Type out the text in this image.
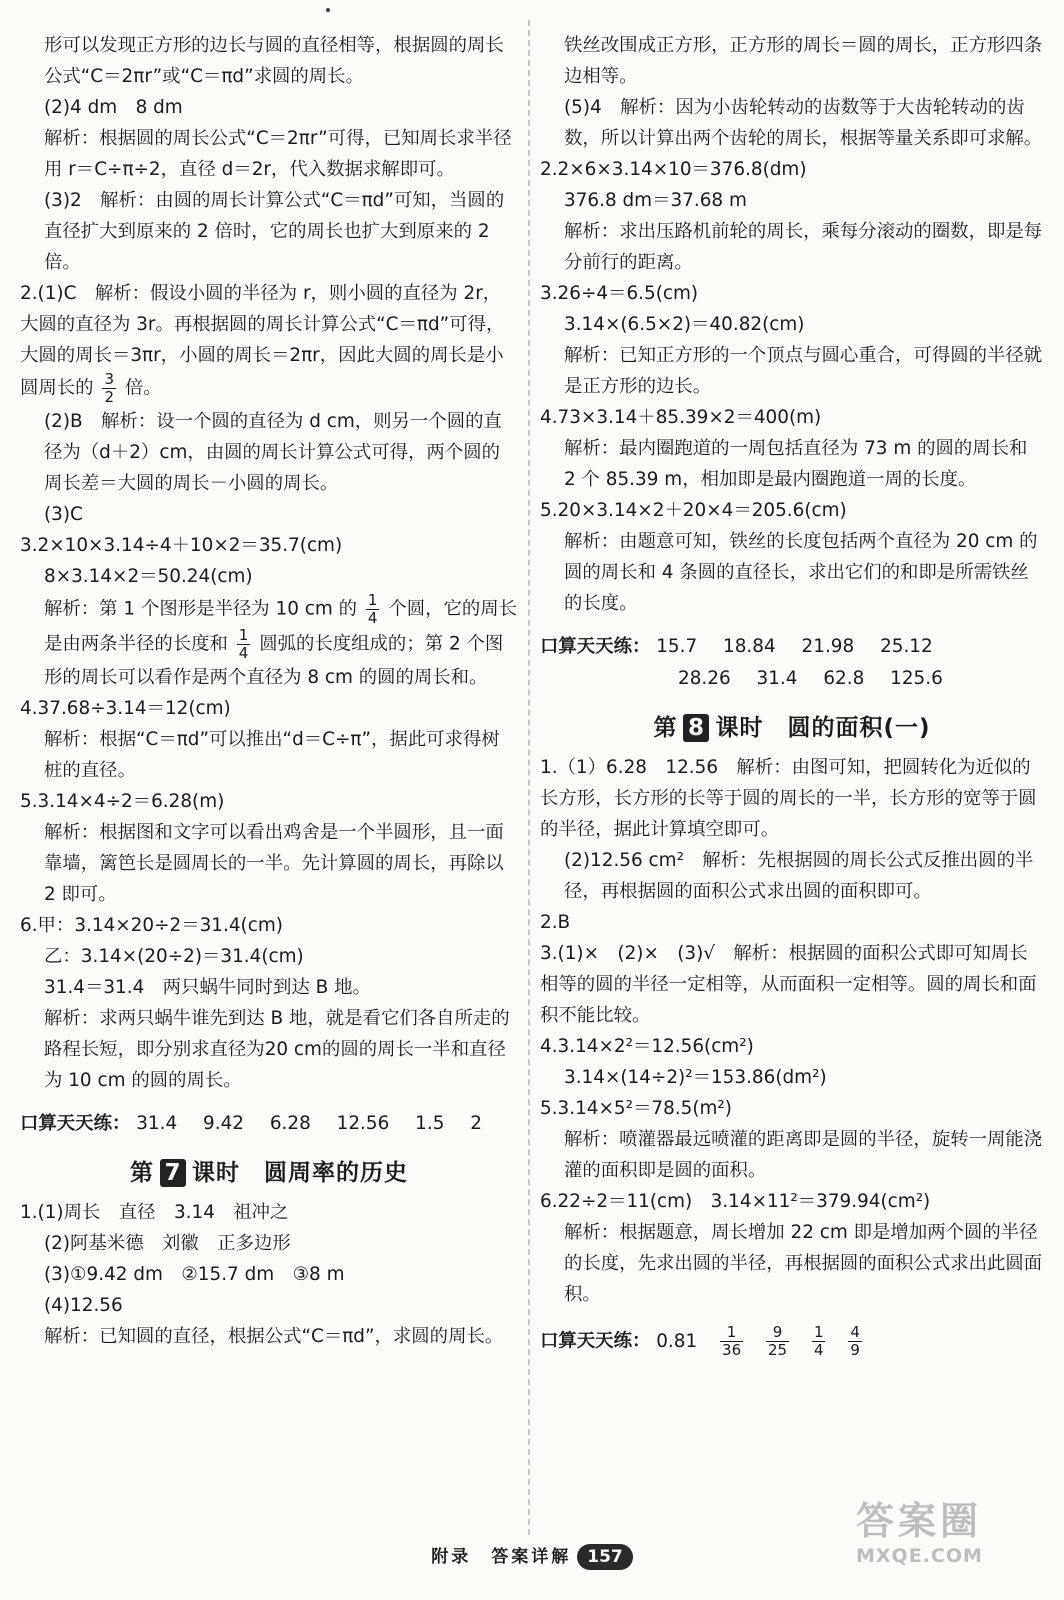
形可以发现正方形的边长与圆的直径相等，根据圆的周长公式“C＝2πr”或“C＝πd”求圆的周长。

(2)4 dm　8 dm

解析：根据圆的周长公式“C＝2πr”可得，已知周长求半径用 r＝C÷π÷2，直径 d＝2r，代入数据求解即可。

(3)2　解析：由圆的周长计算公式“C＝πd”可知，当圆的直径扩大到原来的 2 倍时，它的周长也扩大到原来的 2 倍。

2.(1)C　解析：假设小圆的半径为 r，则小圆的直径为 2r，大圆的直径为 3r。再根据圆的周长计算公式“C＝πd”可得，大圆的周长＝3πr，小圆的周长＝2πr，因此大圆的周长是小圆周长的 $\frac{3}{2}$ 倍。

(2)B　解析：设一个圆的直径为 d cm，则另一个圆的直径为（d＋2）cm，由圆的周长计算公式可得，两个圆的周长差＝大圆的周长－小圆的周长。

(3)C

3.2×10×3.14÷4＋10×2＝35.7(cm)

8×3.14×2＝50.24(cm)

解析：第 1 个图形是半径为 10 cm 的 $\frac{1}{4}$ 个圆，它的周长是由两条半径的长度和 $\frac{1}{4}$ 圆弧的长度组成的；第 2 个图形的周长可以看作是两个直径为 8 cm 的圆的周长和。

4.37.68÷3.14＝12(cm)

解析：根据“C＝πd”可以推出“d＝C÷π”，据此可求得树桩的直径。

5.3.14×4÷2＝6.28(m)

解析：根据图和文字可以看出鸡舍是一个半圆形，且一面靠墙，篱笆长是圆周长的一半。先计算圆的周长，再除以 2 即可。

6.甲：3.14×20÷2＝31.4(cm)

乙：3.14×(20÷2)＝31.4(cm)

31.4＝31.4　两只蜗牛同时到达 B 地。

解析：求两只蜗牛谁先到达 B 地，就是看它们各自所走的路程长短，即分别求直径为20 cm的圆的周长一半和直径为 10 cm 的圆的周长。

口算天天练： 31.4 9.42 6.28 12.56 1.5 2
第 7 课时　圆周率的历史

1.(1)周长　直径　3.14　祖冲之

(2)阿基米德　刘徽　正多边形

(3)①9.42 dm　②15.7 dm　③8 m

(4)12.56

解析：已知圆的直径，根据公式“C＝πd”，求圆的周长。

铁丝改围成正方形，正方形的周长＝圆的周长，正方形四条边相等。

(5)4　解析：因为小齿轮转动的齿数等于大齿轮转动的齿数，所以计算出两个齿轮的周长，根据等量关系即可求解。

2.2×6×3.14×10＝376.8(dm)

376.8 dm＝37.68 m

解析：求出压路机前轮的周长，乘每分滚动的圈数，即是每分前行的距离。

3.26÷4＝6.5(cm)

3.14×(6.5×2)＝40.82(cm)

解析：已知正方形的一个顶点与圆心重合，可得圆的半径就是正方形的边长。

4.73×3.14＋85.39×2＝400(m)

解析：最内圈跑道的一周包括直径为 73 m 的圆的周长和 2 个 85.39 m，相加即是最内圈跑道一周的长度。

5.20×3.14×2＋20×4＝205.6(cm)

解析：由题意可知，铁丝的长度包括两个直径为 20 cm 的圆的周长和 4 条圆的直径长，求出它们的和即是所需铁丝的长度。

口算天天练： 15.7 18.84 21.98 25.12
28.26 31.4 62.8 125.6
第 8 课时　圆的面积(一)

1.（1）6.28　12.56　解析：由图可知，把圆转化为近似的长方形，长方形的长等于圆的周长的一半，长方形的宽等于圆的半径，据此计算填空即可。

(2)12.56 cm²　解析：先根据圆的周长公式反推出圆的半径，再根据圆的面积公式求出圆的面积即可。

2.B

3.(1)×　(2)×　(3)√　解析：根据圆的面积公式即可知周长相等的圆的半径一定相等，从而面积一定相等。圆的周长和面积不能比较。

4.3.14×2²＝12.56(cm²)

3.14×(14÷2)²＝153.86(dm²)

5.3.14×5²＝78.5(m²)

解析：喷灌器最远喷灌的距离即是圆的半径，旋转一周能浇灌的面积即是圆的面积。

6.22÷2＝11(cm)　3.14×11²＝379.94(cm²)

解析：根据题意，周长增加 22 cm 即是增加两个圆的半径的长度，先求出圆的半径，再根据圆的面积公式求出此圆面积。

口算天天练： $0.81 \frac{1}{36}$
$\frac{9}{25}$
$\frac{1}{4}$
$\frac{4}{9}$
附录　答案详解 157
答案圈
MXQE.COM
